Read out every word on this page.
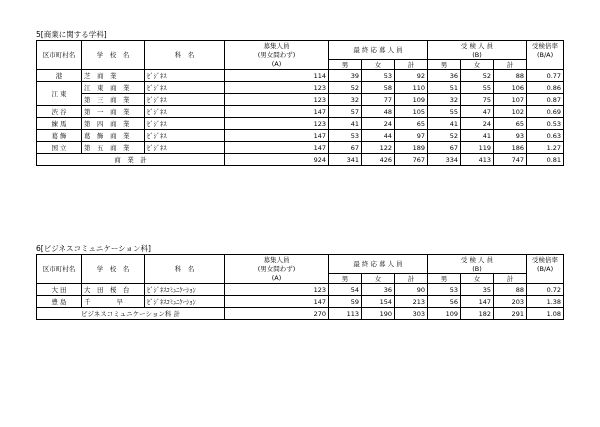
5[商業に関する学科]
区市町村名	学　校　名	科　名	募集人員	最 終 応 募 人 員			受 検 人 員			受検倍率
			(男女問わず)				(B)			(B/A)
			(A)	男	女	計	男	女	計	
港	芝　商　業	ﾋﾞｼﾞﾈｽ	114	39	53	92	36	52	88	0.77
江 東	江　東　商　業	ﾋﾞｼﾞﾈｽ	123	52	58	110	51	55	106	0.86
	第　三　商　業	ﾋﾞｼﾞﾈｽ	123	32	77	109	32	75	107	0.87
渋 谷	第　一　商　業	ﾋﾞｼﾞﾈｽ	147	57	48	105	55	47	102	0.69
練 馬	第　四　商　業	ﾋﾞｼﾞﾈｽ	123	41	24	65	41	24	65	0.53
葛 飾	葛　飾　商　業	ﾋﾞｼﾞﾈｽ	147	53	44	97	52	41	93	0.63
国 立	第　五　商　業	ﾋﾞｼﾞﾈｽ	147	67	122	189	67	119	186	1.27
商　業　計			924	341	426	767	334	413	747	0.81
6[ビジネスコミュニケーション科]
区市町村名	学　校　名	科　名	募集人員	最 終 応 募 人 員			受 検 人 員			受検倍率
			(男女問わず)				(B)			(B/A)
			(A)	男	女	計	男	女	計	
大 田	大　田　桜　台	ﾋﾞｼﾞﾈｽｺﾐｭﾆｹｰｼｮﾝ	123	54	36	90	53	35	88	0.72
豊 島	千　　　　早	ﾋﾞｼﾞﾈｽｺﾐｭﾆｹｰｼｮﾝ	147	59	154	213	56	147	203	1.38
ビジネスコミュニケーション科 計			270	113	190	303	109	182	291	1.08
